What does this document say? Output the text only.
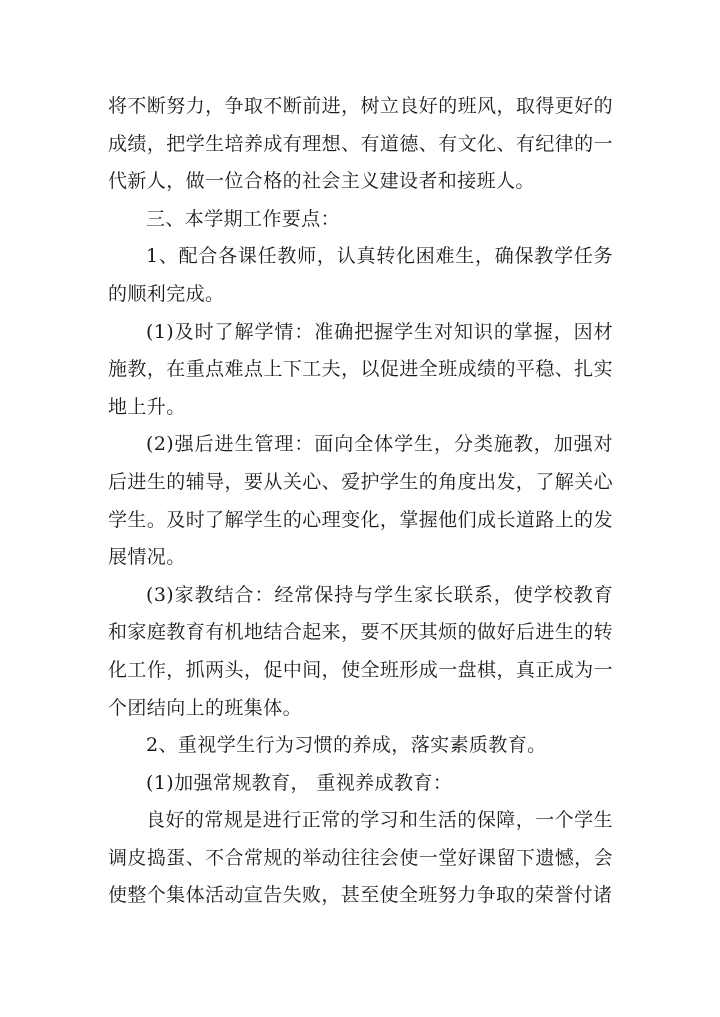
将不断努力，争取不断前进，树立良好的班风，取得更好的成绩，把学生培养成有理想、有道德、有文化、有纪律的一代新人，做一位合格的社会主义建设者和接班人。

三、本学期工作要点：

1、配合各课任教师，认真转化困难生，确保教学任务的顺利完成。

(1)及时了解学情：准确把握学生对知识的掌握，因材施教，在重点难点上下工夫，以促进全班成绩的平稳、扎实地上升。

(2)强后进生管理：面向全体学生，分类施教，加强对后进生的辅导，要从关心、爱护学生的角度出发，了解关心学生。及时了解学生的心理变化，掌握他们成长道路上的发展情况。

(3)家教结合：经常保持与学生家长联系，使学校教育和家庭教育有机地结合起来，要不厌其烦的做好后进生的转化工作，抓两头，促中间，使全班形成一盘棋，真正成为一个团结向上的班集体。

2、重视学生行为习惯的养成，落实素质教育。

(1)加强常规教育， 重视养成教育：

良好的常规是进行正常的学习和生活的保障，一个学生调皮捣蛋、不合常规的举动往往会使一堂好课留下遗憾，会使整个集体活动宣告失败，甚至使全班努力争取的荣誉付诸
